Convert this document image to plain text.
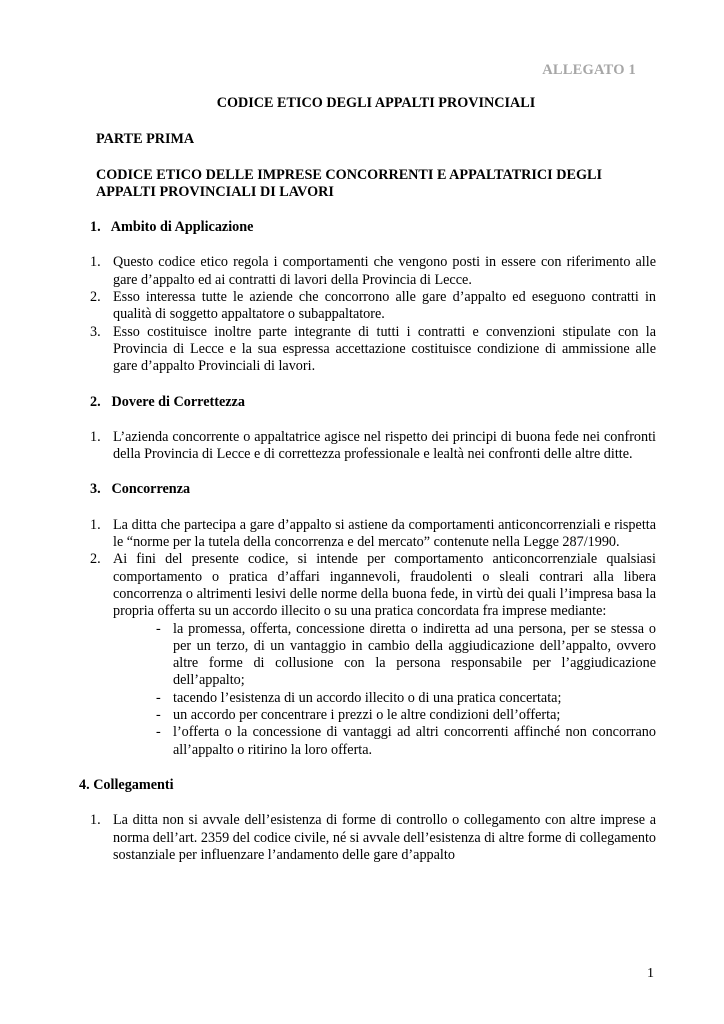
ALLEGATO 1
CODICE ETICO DEGLI APPALTI PROVINCIALI
PARTE PRIMA
CODICE ETICO DELLE IMPRESE CONCORRENTI E APPALTATRICI DEGLI
APPALTI PROVINCIALI DI LAVORI
1. Ambito di Applicazione
1. Questo codice etico regola i comportamenti che vengono posti in essere con riferimento alle gare d’appalto ed ai contratti di lavori della Provincia di Lecce.
2. Esso interessa tutte le aziende che concorrono alle gare d’appalto ed eseguono contratti in qualità di soggetto appaltatore o subappaltatore.
3. Esso costituisce inoltre parte integrante di tutti i contratti e convenzioni stipulate con la Provincia di Lecce e la sua espressa accettazione costituisce condizione di ammissione alle gare d’appalto Provinciali di lavori.
2. Dovere di Correttezza
1. L’azienda concorrente o appaltatrice agisce nel rispetto dei principi di buona fede nei confronti della Provincia di Lecce e di correttezza professionale e lealtà nei confronti delle altre ditte.
3. Concorrenza
1. La ditta che partecipa a gare d’appalto si astiene da comportamenti anticoncorrenziali e rispetta le “norme per la tutela della concorrenza e del mercato” contenute nella Legge 287/1990.
2. Ai fini del presente codice, si intende per comportamento anticoncorrenziale qualsiasi comportamento o pratica d’affari ingannevoli, fraudolenti o sleali contrari alla libera concorrenza o altrimenti lesivi delle norme della buona fede, in virtù dei quali l’impresa basa la propria offerta su un accordo illecito o su una pratica concordata fra imprese mediante:
- la promessa, offerta, concessione diretta o indiretta ad una persona, per se stessa o per un terzo, di un vantaggio in cambio della aggiudicazione dell’appalto, ovvero altre forme di collusione con la persona responsabile per l’aggiudicazione dell’appalto;
- tacendo l’esistenza di un accordo illecito o di una pratica concertata;
- un accordo per concentrare i prezzi o le altre condizioni dell’offerta;
- l’offerta o la concessione di vantaggi ad altri concorrenti affinché non concorrano all’appalto o ritirino la loro offerta.
4. Collegamenti
1. La ditta non si avvale dell’esistenza di forme di controllo o collegamento con altre imprese a norma dell’art. 2359 del codice civile, né si avvale dell’esistenza di altre forme di collegamento sostanziale per influenzare l’andamento delle gare d’appalto
1
